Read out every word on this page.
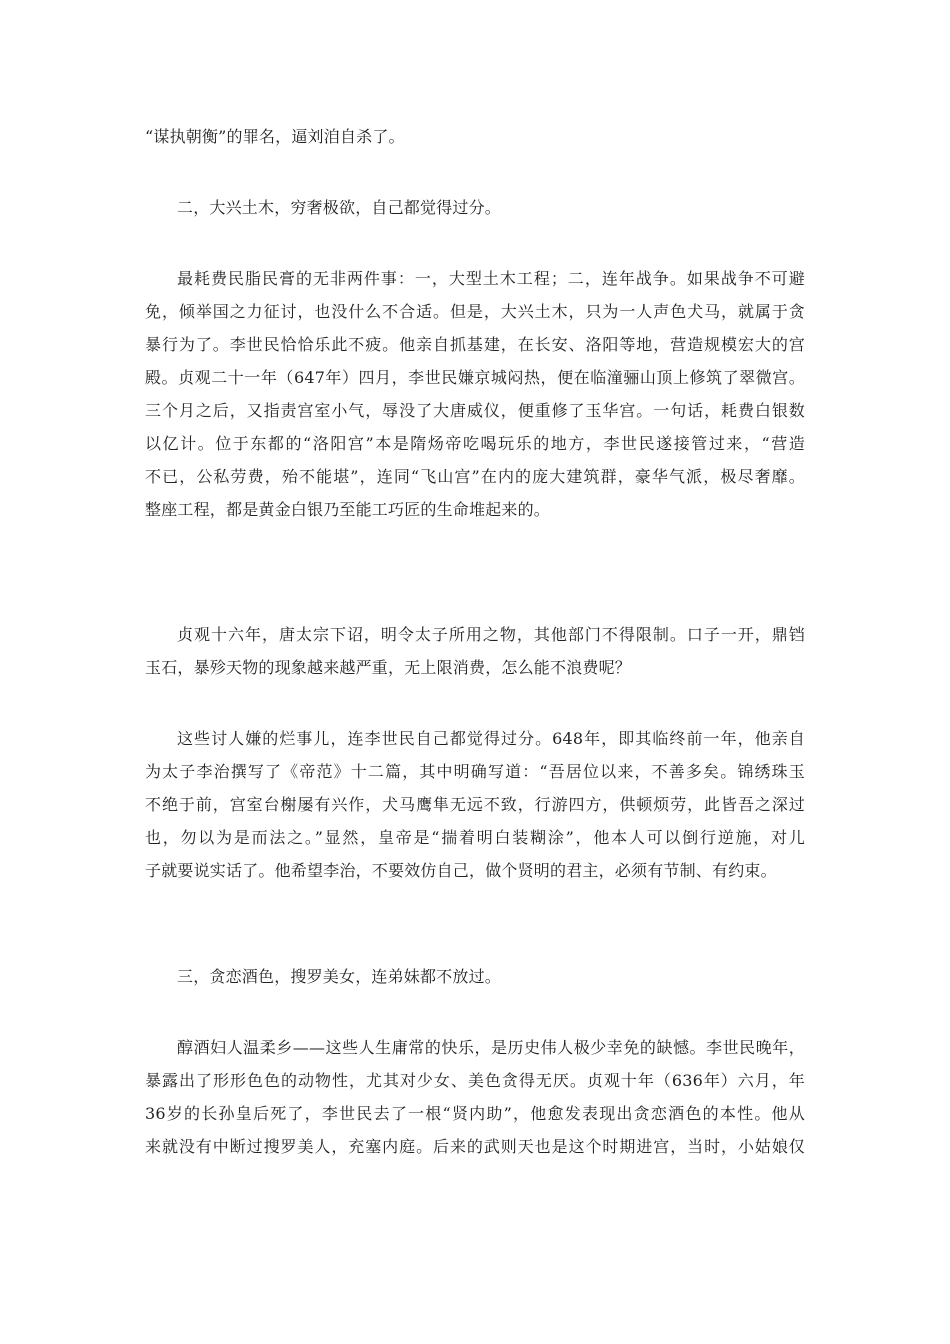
“谋执朝衡”的罪名，逼刘洎自杀了。
二，大兴土木，穷奢极欲，自己都觉得过分。
最耗费民脂民膏的无非两件事：一，大型土木工程；二，连年战争。如果战争不可避
免，倾举国之力征讨，也没什么不合适。但是，大兴土木，只为一人声色犬马，就属于贪
暴行为了。李世民恰恰乐此不疲。他亲自抓基建，在长安、洛阳等地，营造规模宏大的宫
殿。贞观二十一年（647年）四月，李世民嫌京城闷热，便在临潼骊山顶上修筑了翠微宫。
三个月之后，又指责宫室小气，辱没了大唐威仪，便重修了玉华宫。一句话，耗费白银数
以亿计。位于东都的“洛阳宫”本是隋炀帝吃喝玩乐的地方，李世民遂接管过来，“营造
不已，公私劳费，殆不能堪”，连同“飞山宫”在内的庞大建筑群，豪华气派，极尽奢靡。
整座工程，都是黄金白银乃至能工巧匠的生命堆起来的。
贞观十六年，唐太宗下诏，明令太子所用之物，其他部门不得限制。口子一开，鼎铛
玉石，暴殄天物的现象越来越严重，无上限消费，怎么能不浪费呢？
这些讨人嫌的烂事儿，连李世民自己都觉得过分。648年，即其临终前一年，他亲自
为太子李治撰写了《帝范》十二篇，其中明确写道：“吾居位以来，不善多矣。锦绣珠玉
不绝于前，宫室台榭屡有兴作，犬马鹰隼无远不致，行游四方，供顿烦劳，此皆吾之深过
也，勿以为是而法之。”显然，皇帝是“揣着明白装糊涂”，他本人可以倒行逆施，对儿
子就要说实话了。他希望李治，不要效仿自己，做个贤明的君主，必须有节制、有约束。
三，贪恋酒色，搜罗美女，连弟妹都不放过。
醇酒妇人温柔乡——这些人生庸常的快乐，是历史伟人极少幸免的缺憾。李世民晚年，
暴露出了形形色色的动物性，尤其对少女、美色贪得无厌。贞观十年（636年）六月，年
36岁的长孙皇后死了，李世民去了一根“贤内助”，他愈发表现出贪恋酒色的本性。他从
来就没有中断过搜罗美人，充塞内庭。后来的武则天也是这个时期进宫，当时，小姑娘仅
